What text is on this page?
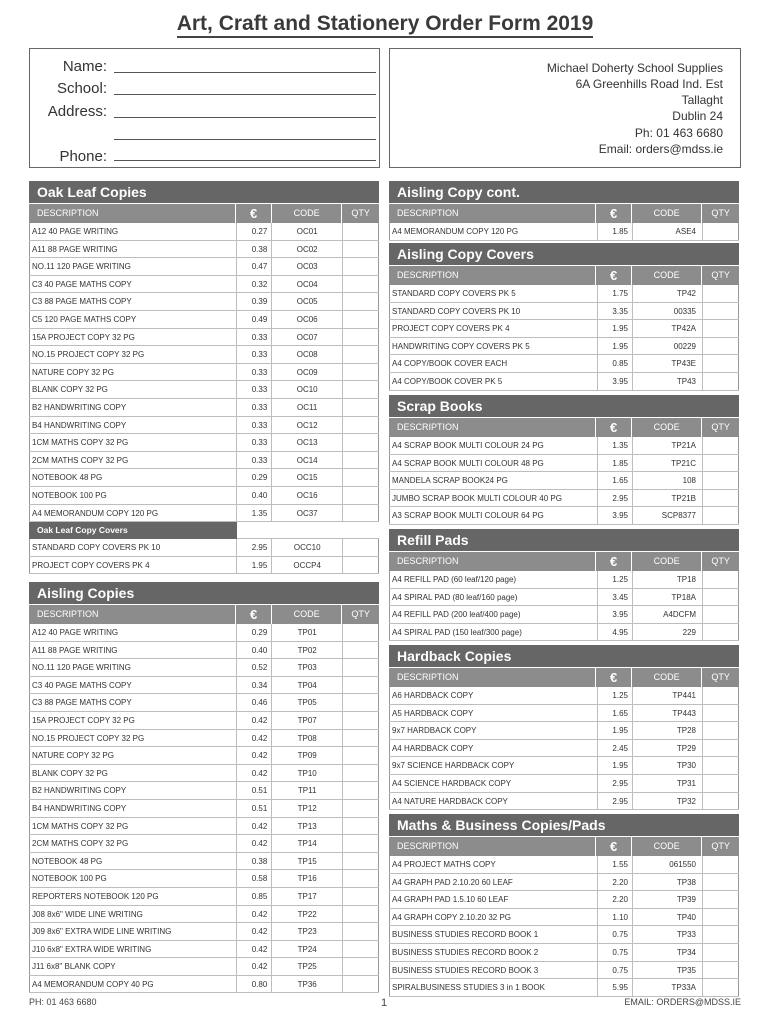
Art, Craft and Stationery Order Form 2019
Name:
School:
Address:
Phone:
Michael Doherty School Supplies
6A Greenhills Road Ind. Est
Tallaght
Dublin 24
Ph: 01 463 6680
Email: orders@mdss.ie
Oak Leaf Copies
DESCRIPTION	€	CODE	QTY
A12 40 PAGE WRITING	0.27	OC01
A11 88 PAGE WRITING	0.38	OC02
NO.11 120 PAGE WRITING	0.47	OC03
C3 40 PAGE MATHS COPY	0.32	OC04
C3 88 PAGE MATHS COPY	0.39	OC05
C5 120 PAGE MATHS COPY	0.49	OC06
15A PROJECT COPY 32 PG	0.33	OC07
NO.15 PROJECT COPY 32 PG	0.33	OC08
NATURE COPY 32 PG	0.33	OC09
BLANK COPY 32 PG	0.33	OC10
B2 HANDWRITING COPY	0.33	OC11
B4 HANDWRITING COPY	0.33	OC12
1CM MATHS COPY 32 PG	0.33	OC13
2CM MATHS COPY 32 PG	0.33	OC14
NOTEBOOK 48 PG	0.29	OC15
NOTEBOOK 100 PG	0.40	OC16
A4 MEMORANDUM COPY 120 PG	1.35	OC37
Oak Leaf Copy Covers
STANDARD COPY COVERS PK 10	2.95	OCC10
PROJECT COPY COVERS PK 4	1.95	OCCP4
Aisling Copies
DESCRIPTION	€	CODE	QTY
A12 40 PAGE WRITING	0.29	TP01
A11 88 PAGE WRITING	0.40	TP02
NO.11 120 PAGE WRITING	0.52	TP03
C3 40 PAGE MATHS COPY	0.34	TP04
C3 88 PAGE MATHS COPY	0.46	TP05
15A PROJECT COPY 32 PG	0.42	TP07
NO.15 PROJECT COPY 32 PG	0.42	TP08
NATURE COPY 32 PG	0.42	TP09
BLANK COPY 32 PG	0.42	TP10
B2 HANDWRITING COPY	0.51	TP11
B4 HANDWRITING COPY	0.51	TP12
1CM MATHS COPY 32 PG	0.42	TP13
2CM MATHS COPY 32 PG	0.42	TP14
NOTEBOOK 48 PG	0.38	TP15
NOTEBOOK 100 PG	0.58	TP16
REPORTERS NOTEBOOK 120 PG	0.85	TP17
J08 8x6" WIDE LINE WRITING	0.42	TP22
J09 8x6" EXTRA WIDE LINE WRITING	0.42	TP23
J10 6x8" EXTRA WIDE WRITING	0.42	TP24
J11 6x8" BLANK COPY	0.42	TP25
A4 MEMORANDUM COPY 40 PG	0.80	TP36
Aisling Copy cont.
DESCRIPTION	€	CODE	QTY
A4 MEMORANDUM COPY 120 PG	1.85	ASE4
Aisling Copy Covers
DESCRIPTION	€	CODE	QTY
STANDARD COPY COVERS PK 5	1.75	TP42
STANDARD COPY COVERS PK 10	3.35	00335
PROJECT COPY COVERS PK 4	1.95	TP42A
HANDWRITING COPY COVERS PK 5	1.95	00229
A4 COPY/BOOK COVER EACH	0.85	TP43E
A4 COPY/BOOK COVER PK 5	3.95	TP43
Scrap Books
DESCRIPTION	€	CODE	QTY
A4 SCRAP BOOK MULTI COLOUR 24 PG	1.35	TP21A
A4 SCRAP BOOK MULTI COLOUR 48 PG	1.85	TP21C
MANDELA SCRAP BOOK24 PG	1.65	108
JUMBO SCRAP BOOK MULTI COLOUR 40 PG	2.95	TP21B
A3 SCRAP BOOK MULTI COLOUR 64 PG	3.95	SCP8377
Refill Pads
DESCRIPTION	€	CODE	QTY
A4 REFILL PAD (60 leaf/120 page)	1.25	TP18
A4 SPIRAL PAD (80 leaf/160 page)	3.45	TP18A
A4 REFILL PAD (200 leaf/400 page)	3.95	A4DCFM
A4 SPIRAL PAD (150 leaf/300 page)	4.95	229
Hardback Copies
DESCRIPTION	€	CODE	QTY
A6 HARDBACK COPY	1.25	TP441
A5 HARDBACK COPY	1.65	TP443
9x7 HARDBACK COPY	1.95	TP28
A4 HARDBACK COPY	2.45	TP29
9x7 SCIENCE HARDBACK COPY	1.95	TP30
A4 SCIENCE HARDBACK COPY	2.95	TP31
A4 NATURE HARDBACK COPY	2.95	TP32
Maths & Business Copies/Pads
DESCRIPTION	€	CODE	QTY
A4 PROJECT MATHS COPY	1.55	061550
A4 GRAPH PAD 2.10.20 60 LEAF	2.20	TP38
A4 GRAPH PAD 1.5.10 60 LEAF	2.20	TP39
A4 GRAPH COPY 2.10.20 32 PG	1.10	TP40
BUSINESS STUDIES RECORD BOOK 1	0.75	TP33
BUSINESS STUDIES RECORD BOOK 2	0.75	TP34
BUSINESS STUDIES RECORD BOOK 3	0.75	TP35
SPIRALBUSINESS STUDIES 3 in 1 BOOK	5.95	TP33A
PH: 01 463 6680	1	EMAIL: ORDERS@MDSS.IE
